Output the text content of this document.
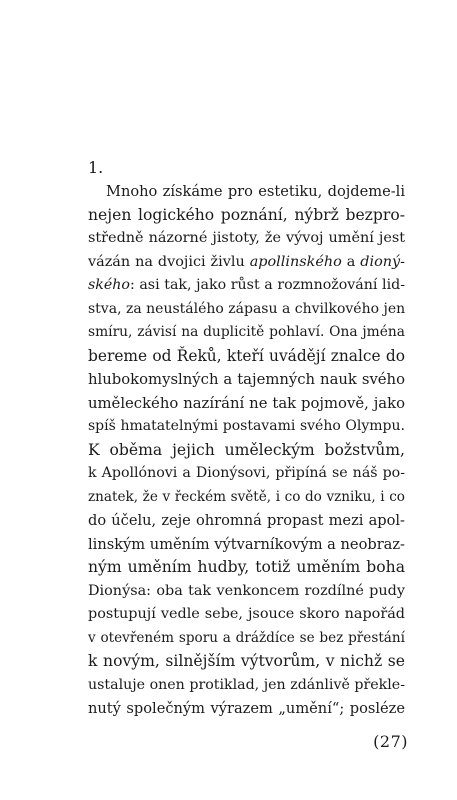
1.

Mnoho získáme pro estetiku, dojdeme-li
nejen logického poznání, nýbrž bezpro-
středně názorné jistoty, že vývoj umění jest
vázán na dvojici živlu apollinského a dioný-
ského: asi tak, jako růst a rozmnožování lid-
stva, za neustálého zápasu a chvilkového jen
smíru, závisí na duplicitě pohlaví. Ona jména
bereme od Řeků, kteří uvádějí znalce do
hlubokomyslných a tajemných nauk svého
uměleckého nazírání ne tak pojmově, jako
spíš hmatatelnými postavami svého Olympu.
K oběma jejich uměleckým božstvům,
k Apollónovi a Dionýsovi, připíná se náš po-
znatek, že v řeckém světě, i co do vzniku, i co
do účelu, zeje ohromná propast mezi apol-
linským uměním výtvarníkovým a neobraz-
ným uměním hudby, totiž uměním boha
Dionýsa: oba tak venkoncem rozdílné pudy
postupují vedle sebe, jsouce skoro napořád
v otevřeném sporu a dráždíce se bez přestání
k novým, silnějším výtvorům, v nichž se
ustaluje onen protiklad, jen zdánlivě překle-
nutý společným výrazem „umění“; posléze
(27)
